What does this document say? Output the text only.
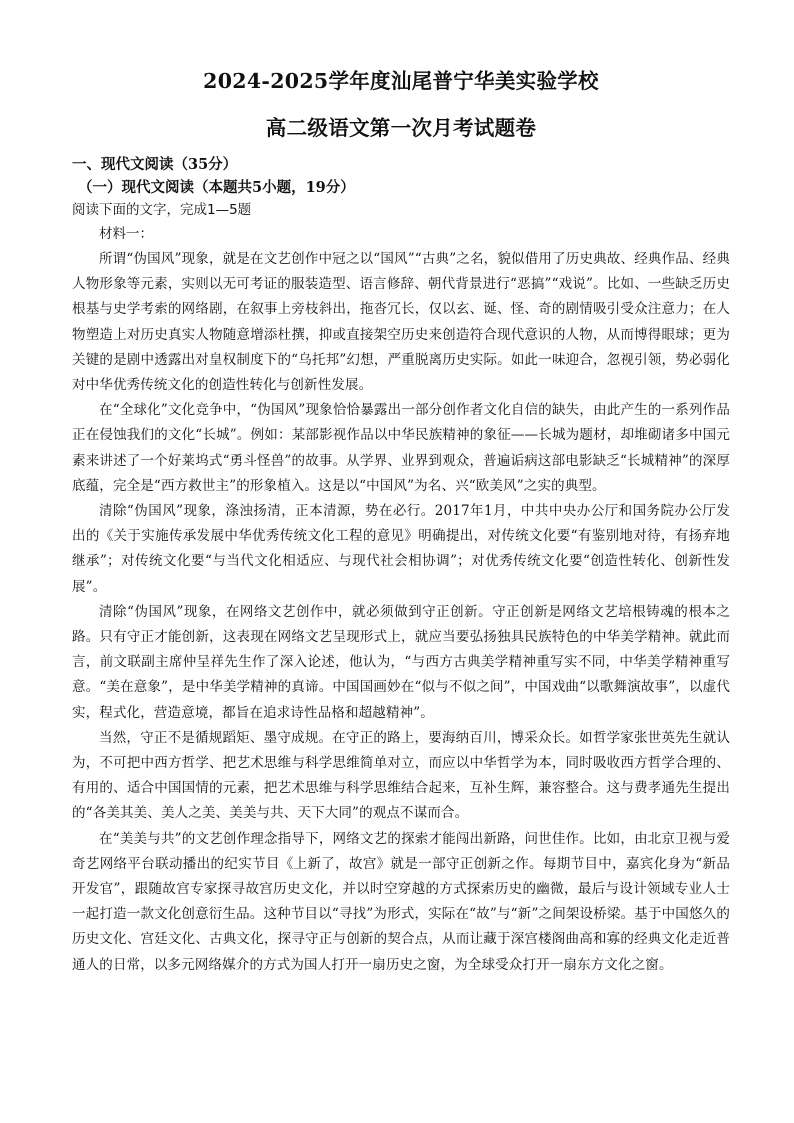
2024-2025学年度汕尾普宁华美实验学校
高二级语文第一次月考试题卷
一、现代文阅读（35分）
（一）现代文阅读（本题共5小题，19分）

阅读下面的文字，完成1—5题

材料一：

所谓“伪国风”现象，就是在文艺创作中冠之以“国风”“古典”之名，貌似借用了历史典故、经典作品、经典人物形象等元素，实则以无可考证的服装造型、语言修辞、朝代背景进行“恶搞”“戏说”。比如、一些缺乏历史根基与史学考索的网络剧，在叙事上旁枝斜出，拖沓冗长，仅以玄、诞、怪、奇的剧情吸引受众注意力；在人物塑造上对历史真实人物随意增添杜撰，抑或直接架空历史来创造符合现代意识的人物，从而博得眼球；更为关键的是剧中透露出对皇权制度下的“乌托邦”幻想，严重脱离历史实际。如此一味迎合，忽视引领，势必弱化对中华优秀传统文化的创造性转化与创新性发展。

在“全球化”文化竞争中，“伪国风”现象恰恰暴露出一部分创作者文化自信的缺失，由此产生的一系列作品正在侵蚀我们的文化“长城”。例如：某部影视作品以中华民族精神的象征——长城为题材，却堆砌诸多中国元素来讲述了一个好莱坞式“勇斗怪兽”的故事。从学界、业界到观众，普遍诟病这部电影缺乏“长城精神”的深厚底蕴，完全是“西方救世主”的形象植入。这是以“中国风”为名、兴“欧美风”之实的典型。

清除“伪国风”现象，涤浊扬清，正本清源，势在必行。2017年1月，中共中央办公厅和国务院办公厅发出的《关于实施传承发展中华优秀传统文化工程的意见》明确提出，对传统文化要“有鉴别地对待，有扬弃地继承”；对传统文化要“与当代文化相适应、与现代社会相协调”；对优秀传统文化要“创造性转化、创新性发展”。

清除“伪国风”现象，在网络文艺创作中，就必须做到守正创新。守正创新是网络文艺培根铸魂的根本之路。只有守正才能创新，这表现在网络文艺呈现形式上，就应当要弘扬独具民族特色的中华美学精神。就此而言，前文联副主席仲呈祥先生作了深入论述，他认为，“与西方古典美学精神重写实不同，中华美学精神重写意。“美在意象”，是中华美学精神的真谛。中国国画妙在“似与不似之间”，中国戏曲“以歌舞演故事”，以虚代实，程式化，营造意境，都旨在追求诗性品格和超越精神”。

当然，守正不是循规蹈矩、墨守成规。在守正的路上，要海纳百川，博采众长。如哲学家张世英先生就认为，不可把中西方哲学、把艺术思维与科学思维简单对立，而应以中华哲学为本，同时吸收西方哲学合理的、有用的、适合中国国情的元素，把艺术思维与科学思维结合起来，互补生辉，兼容整合。这与费孝通先生提出的“各美其美、美人之美、美美与共、天下大同”的观点不谋而合。

在“美美与共”的文艺创作理念指导下，网络文艺的探索才能闯出新路，问世佳作。比如，由北京卫视与爱奇艺网络平台联动播出的纪实节目《上新了，故宫》就是一部守正创新之作。每期节目中，嘉宾化身为“新品开发官”，跟随故宫专家探寻故宫历史文化，并以时空穿越的方式探索历史的幽微，最后与设计领域专业人士一起打造一款文化创意衍生品。这种节目以“寻找”为形式，实际在“故”与“新”之间架设桥梁。基于中国悠久的历史文化、宫廷文化、古典文化，探寻守正与创新的契合点，从而让藏于深宫楼阁曲高和寡的经典文化走近普通人的日常，以多元网络媒介的方式为国人打开一扇历史之窗，为全球受众打开一扇东方文化之窗。
